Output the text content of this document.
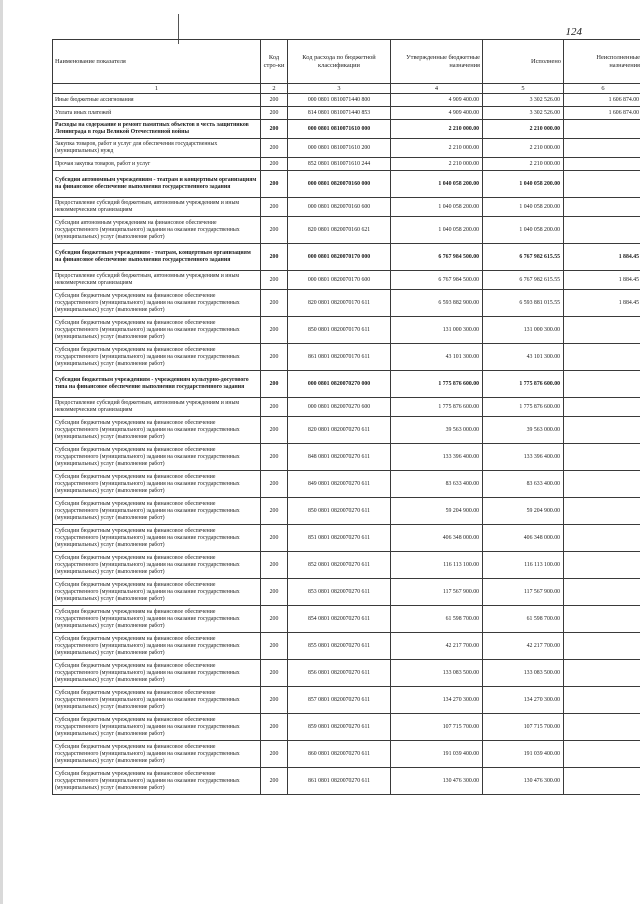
124
Наименование показателя	Код стро-ки	Код расхода по бюджетной классификации	Утвержденные бюджетные назначения	Исполнено	Неисполненные назначения
1	2	3	4	5	6
Иные бюджетные ассигнования	200	000 0801 0810071440 800	4 909 400.00	3 302 526.00	1 606 874.00
Уплата иных платежей	200	814 0801 0810071440 853	4 909 400.00	3 302 526.00	1 606 874.00
Расходы на содержание и ремонт памятных объектов в честь защитников Ленинграда в годы Великой Отечественной войны	200	000 0801 0810071610 000	2 210 000.00	2 210 000.00	
Закупка товаров, работ и услуг для обеспечения государственных (муниципальных) нужд	200	000 0801 0810071610 200	2 210 000.00	2 210 000.00	
Прочая закупка товаров, работ и услуг	200	852 0801 0810071610 244	2 210 000.00	2 210 000.00	
Субсидии автономным учреждениям - театрам и концертным организациям на финансовое обеспечение выполнения государственного задания	200	000 0801 0820070160 000	1 040 058 200.00	1 040 058 200.00	
Предоставление субсидий бюджетным, автономным учреждениям и иным некоммерческим организациям	200	000 0801 0820070160 600	1 040 058 200.00	1 040 058 200.00	
Субсидии автономным учреждениям на финансовое обеспечение государственного (муниципального) задания на оказание государственных (муниципальных) услуг (выполнение работ)	200	820 0801 0820070160 621	1 040 058 200.00	1 040 058 200.00	
Субсидии бюджетным учреждениям - театрам, концертным организациям на финансовое обеспечение выполнения государственного задания	200	000 0801 0820070170 000	6 767 984 500.00	6 767 982 615.55	1 884.45
Предоставление субсидий бюджетным, автономным учреждениям и иным некоммерческим организациям	200	000 0801 0820070170 600	6 767 984 500.00	6 767 982 615.55	1 884.45
Субсидии бюджетным учреждениям на финансовое обеспечение государственного (муниципального) задания на оказание государственных (муниципальных) услуг (выполнение работ)	200	820 0801 0820070170 611	6 593 882 900.00	6 593 881 015.55	1 884.45
Субсидии бюджетным учреждениям на финансовое обеспечение государственного (муниципального) задания на оказание государственных (муниципальных) услуг (выполнение работ)	200	850 0801 0820070170 611	131 000 300.00	131 000 300.00	
Субсидии бюджетным учреждениям на финансовое обеспечение государственного (муниципального) задания на оказание государственных (муниципальных) услуг (выполнение работ)	200	861 0801 0820070170 611	43 101 300.00	43 101 300.00	
Субсидии бюджетным учреждениям - учреждениям культурно-досугового типа на финансовое обеспечение выполнения государственного задания	200	000 0801 0820070270 000	1 775 876 600.00	1 775 876 600.00	
Предоставление субсидий бюджетным, автономным учреждениям и иным некоммерческим организациям	200	000 0801 0820070270 600	1 775 876 600.00	1 775 876 600.00	
Субсидии бюджетным учреждениям на финансовое обеспечение государственного (муниципального) задания на оказание государственных (муниципальных) услуг (выполнение работ)	200	820 0801 0820070270 611	39 563 000.00	39 563 000.00	
Субсидии бюджетным учреждениям на финансовое обеспечение государственного (муниципального) задания на оказание государственных (муниципальных) услуг (выполнение работ)	200	848 0801 0820070270 611	133 396 400.00	133 396 400.00	
Субсидии бюджетным учреждениям на финансовое обеспечение государственного (муниципального) задания на оказание государственных (муниципальных) услуг (выполнение работ)	200	849 0801 0820070270 611	83 633 400.00	83 633 400.00	
Субсидии бюджетным учреждениям на финансовое обеспечение государственного (муниципального) задания на оказание государственных (муниципальных) услуг (выполнение работ)	200	850 0801 0820070270 611	59 204 900.00	59 204 900.00	
Субсидии бюджетным учреждениям на финансовое обеспечение государственного (муниципального) задания на оказание государственных (муниципальных) услуг (выполнение работ)	200	851 0801 0820070270 611	406 348 000.00	406 348 000.00	
Субсидии бюджетным учреждениям на финансовое обеспечение государственного (муниципального) задания на оказание государственных (муниципальных) услуг (выполнение работ)	200	852 0801 0820070270 611	116 113 100.00	116 113 100.00	
Субсидии бюджетным учреждениям на финансовое обеспечение государственного (муниципального) задания на оказание государственных (муниципальных) услуг (выполнение работ)	200	853 0801 0820070270 611	117 567 900.00	117 567 900.00	
Субсидии бюджетным учреждениям на финансовое обеспечение государственного (муниципального) задания на оказание государственных (муниципальных) услуг (выполнение работ)	200	854 0801 0820070270 611	61 598 700.00	61 598 700.00	
Субсидии бюджетным учреждениям на финансовое обеспечение государственного (муниципального) задания на оказание государственных (муниципальных) услуг (выполнение работ)	200	855 0801 0820070270 611	42 217 700.00	42 217 700.00	
Субсидии бюджетным учреждениям на финансовое обеспечение государственного (муниципального) задания на оказание государственных (муниципальных) услуг (выполнение работ)	200	856 0801 0820070270 611	133 083 500.00	133 083 500.00	
Субсидии бюджетным учреждениям на финансовое обеспечение государственного (муниципального) задания на оказание государственных (муниципальных) услуг (выполнение работ)	200	857 0801 0820070270 611	134 270 300.00	134 270 300.00	
Субсидии бюджетным учреждениям на финансовое обеспечение государственного (муниципального) задания на оказание государственных (муниципальных) услуг (выполнение работ)	200	859 0801 0820070270 611	107 715 700.00	107 715 700.00	
Субсидии бюджетным учреждениям на финансовое обеспечение государственного (муниципального) задания на оказание государственных (муниципальных) услуг (выполнение работ)	200	860 0801 0820070270 611	191 039 400.00	191 039 400.00	
Субсидии бюджетным учреждениям на финансовое обеспечение государственного (муниципального) задания на оказание государственных (муниципальных) услуг (выполнение работ)	200	861 0801 0820070270 611	130 476 300.00	130 476 300.00	
